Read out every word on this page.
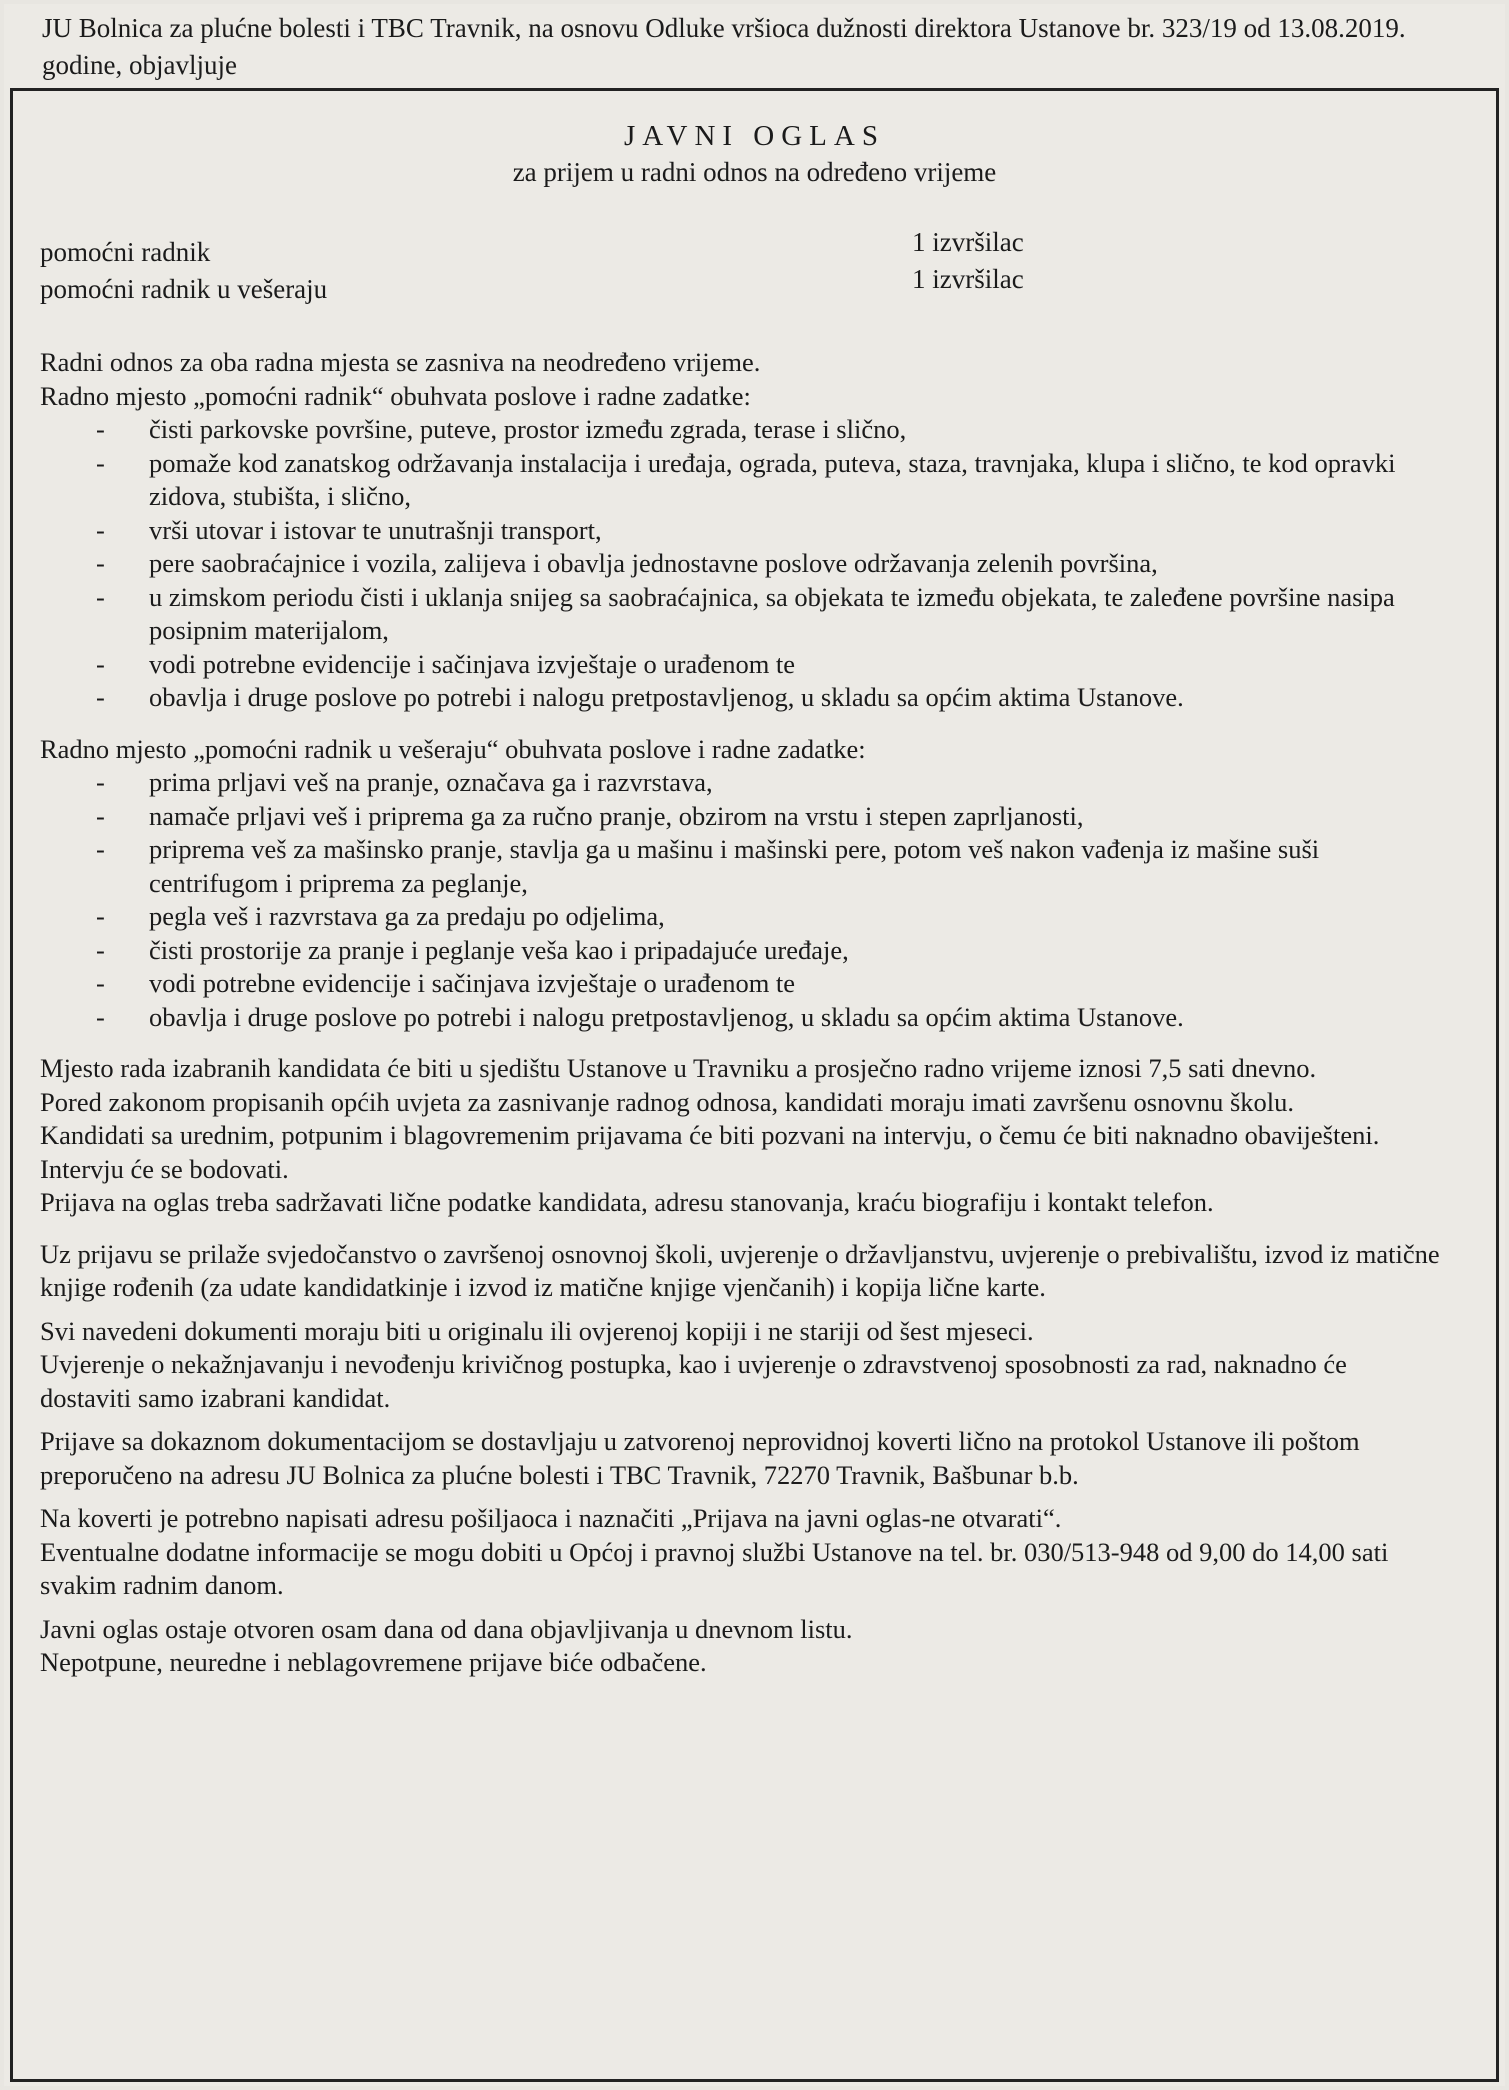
JU Bolnica za plućne bolesti i TBC Travnik, na osnovu Odluke vršioca dužnosti direktora Ustanove br. 323/19 od 13.08.2019. godine, objavljuje
JAVNI OGLAS
za prijem u radni odnos na određeno vrijeme
pomoćni radnik	1 izvršilac
pomoćni radnik u vešeraju	1 izvršilac

Radni odnos za oba radna mjesta se zasniva na neodređeno vrijeme.

Radno mjesto „pomoćni radnik“ obuhvata poslove i radne zadatke:

- čisti parkovske površine, puteve, prostor između zgrada, terase i slično,
- pomaže kod zanatskog održavanja instalacija i uređaja, ograda, puteva, staza, travnjaka, klupa i slično, te kod opravki zidova, stubišta, i slično,
- vrši utovar i istovar te unutrašnji transport,
- pere saobraćajnice i vozila, zalijeva i obavlja jednostavne poslove održavanja zelenih površina,
- u zimskom periodu čisti i uklanja snijeg sa saobraćajnica, sa objekata te između objekata, te zaleđene površine nasipa posipnim materijalom,
- vodi potrebne evidencije i sačinjava izvještaje o urađenom te
- obavlja i druge poslove po potrebi i nalogu pretpostavljenog, u skladu sa općim aktima Ustanove.

Radno mjesto „pomoćni radnik u vešeraju“ obuhvata poslove i radne zadatke:

- prima prljavi veš na pranje, označava ga i razvrstava,
- namače prljavi veš i priprema ga za ručno pranje, obzirom na vrstu i stepen zaprljanosti,
- priprema veš za mašinsko pranje, stavlja ga u mašinu i mašinski pere, potom veš nakon vađenja iz mašine suši centrifugom i priprema za peglanje,
- pegla veš i razvrstava ga za predaju po odjelima,
- čisti prostorije za pranje i peglanje veša kao i pripadajuće uređaje,
- vodi potrebne evidencije i sačinjava izvještaje o urađenom te
- obavlja i druge poslove po potrebi i nalogu pretpostavljenog, u skladu sa općim aktima Ustanove.

Mjesto rada izabranih kandidata će biti u sjedištu Ustanove u Travniku a prosječno radno vrijeme iznosi 7,5 sati dnevno.

Pored zakonom propisanih općih uvjeta za zasnivanje radnog odnosa, kandidati moraju imati završenu osnovnu školu.

Kandidati sa urednim, potpunim i blagovremenim prijavama će biti pozvani na intervju, o čemu će biti naknadno obaviješteni. Intervju će se bodovati.

Prijava na oglas treba sadržavati lične podatke kandidata, adresu stanovanja, kraću biografiju i kontakt telefon.

Uz prijavu se prilaže svjedočanstvo o završenoj osnovnoj školi, uvjerenje o državljanstvu, uvjerenje o prebivalištu, izvod iz matične knjige rođenih (za udate kandidatkinje i izvod iz matične knjige vjenčanih) i kopija lične karte.

Svi navedeni dokumenti moraju biti u originalu ili ovjerenoj kopiji i ne stariji od šest mjeseci.

Uvjerenje o nekažnjavanju i nevođenju krivičnog postupka, kao i uvjerenje o zdravstvenoj sposobnosti za rad, naknadno će dostaviti samo izabrani kandidat.

Prijave sa dokaznom dokumentacijom se dostavljaju u zatvorenoj neprovidnoj koverti lično na protokol Ustanove ili poštom preporučeno na adresu JU Bolnica za plućne bolesti i TBC Travnik, 72270 Travnik, Bašbunar b.b.

Na koverti je potrebno napisati adresu pošiljaoca i naznačiti „Prijava na javni oglas-ne otvarati“.

Eventualne dodatne informacije se mogu dobiti u Općoj i pravnoj službi Ustanove na tel. br. 030/513-948 od 9,00 do 14,00 sati svakim radnim danom.

Javni oglas ostaje otvoren osam dana od dana objavljivanja u dnevnom listu.

Nepotpune, neuredne i neblagovremene prijave biće odbačene.
